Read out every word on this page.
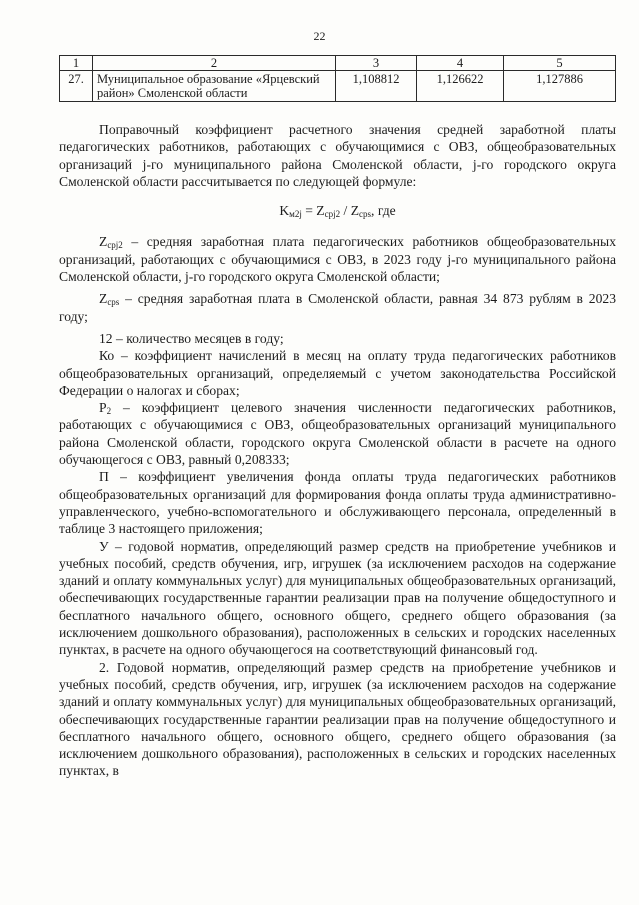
22
1	2	3	4	5
27.	Муниципальное образование «Ярцевский район» Смоленской области	1,108812	1,126622	1,127886

Поправочный коэффициент расчетного значения средней заработной платы педагогических работников, работающих с обучающимися с ОВЗ, общеобразовательных организаций j-го муниципального района Смоленской области, j-го городского округа Смоленской области рассчитывается по следующей формуле:

$K_{м2j} = Z_{срj2} / Z_{срs}$, где

$Z_{срj2}$ – средняя заработная плата педагогических работников общеобразовательных организаций, работающих с обучающимися с ОВЗ, в 2023 году j-го муниципального района Смоленской области, j-го городского округа Смоленской области;

$Z_{срs}$ – средняя заработная плата в Смоленской области, равная 34 873 рублям в 2023 году;

12 – количество месяцев в году;

Ко – коэффициент начислений в месяц на оплату труда педагогических работников общеобразовательных организаций, определяемый с учетом законодательства Российской Федерации о налогах и сборах;

$Р_2$ – коэффициент целевого значения численности педагогических работников, работающих с обучающимися с ОВЗ, общеобразовательных организаций муниципального района Смоленской области, городского округа Смоленской области в расчете на одного обучающегося с ОВЗ, равный 0,208333;

П – коэффициент увеличения фонда оплаты труда педагогических работников общеобразовательных организаций для формирования фонда оплаты труда административно-управленческого, учебно-вспомогательного и обслуживающего персонала, определенный в таблице 3 настоящего приложения;

У – годовой норматив, определяющий размер средств на приобретение учебников и учебных пособий, средств обучения, игр, игрушек (за исключением расходов на содержание зданий и оплату коммунальных услуг) для муниципальных общеобразовательных организаций, обеспечивающих государственные гарантии реализации прав на получение общедоступного и бесплатного начального общего, основного общего, среднего общего образования (за исключением дошкольного образования), расположенных в сельских и городских населенных пунктах, в расчете на одного обучающегося на соответствующий финансовый год.

2. Годовой норматив, определяющий размер средств на приобретение учебников и учебных пособий, средств обучения, игр, игрушек (за исключением расходов на содержание зданий и оплату коммунальных услуг) для муниципальных общеобразовательных организаций, обеспечивающих государственные гарантии реализации прав на получение общедоступного и бесплатного начального общего, основного общего, среднего общего образования (за исключением дошкольного образования), расположенных в сельских и городских населенных пунктах, в
